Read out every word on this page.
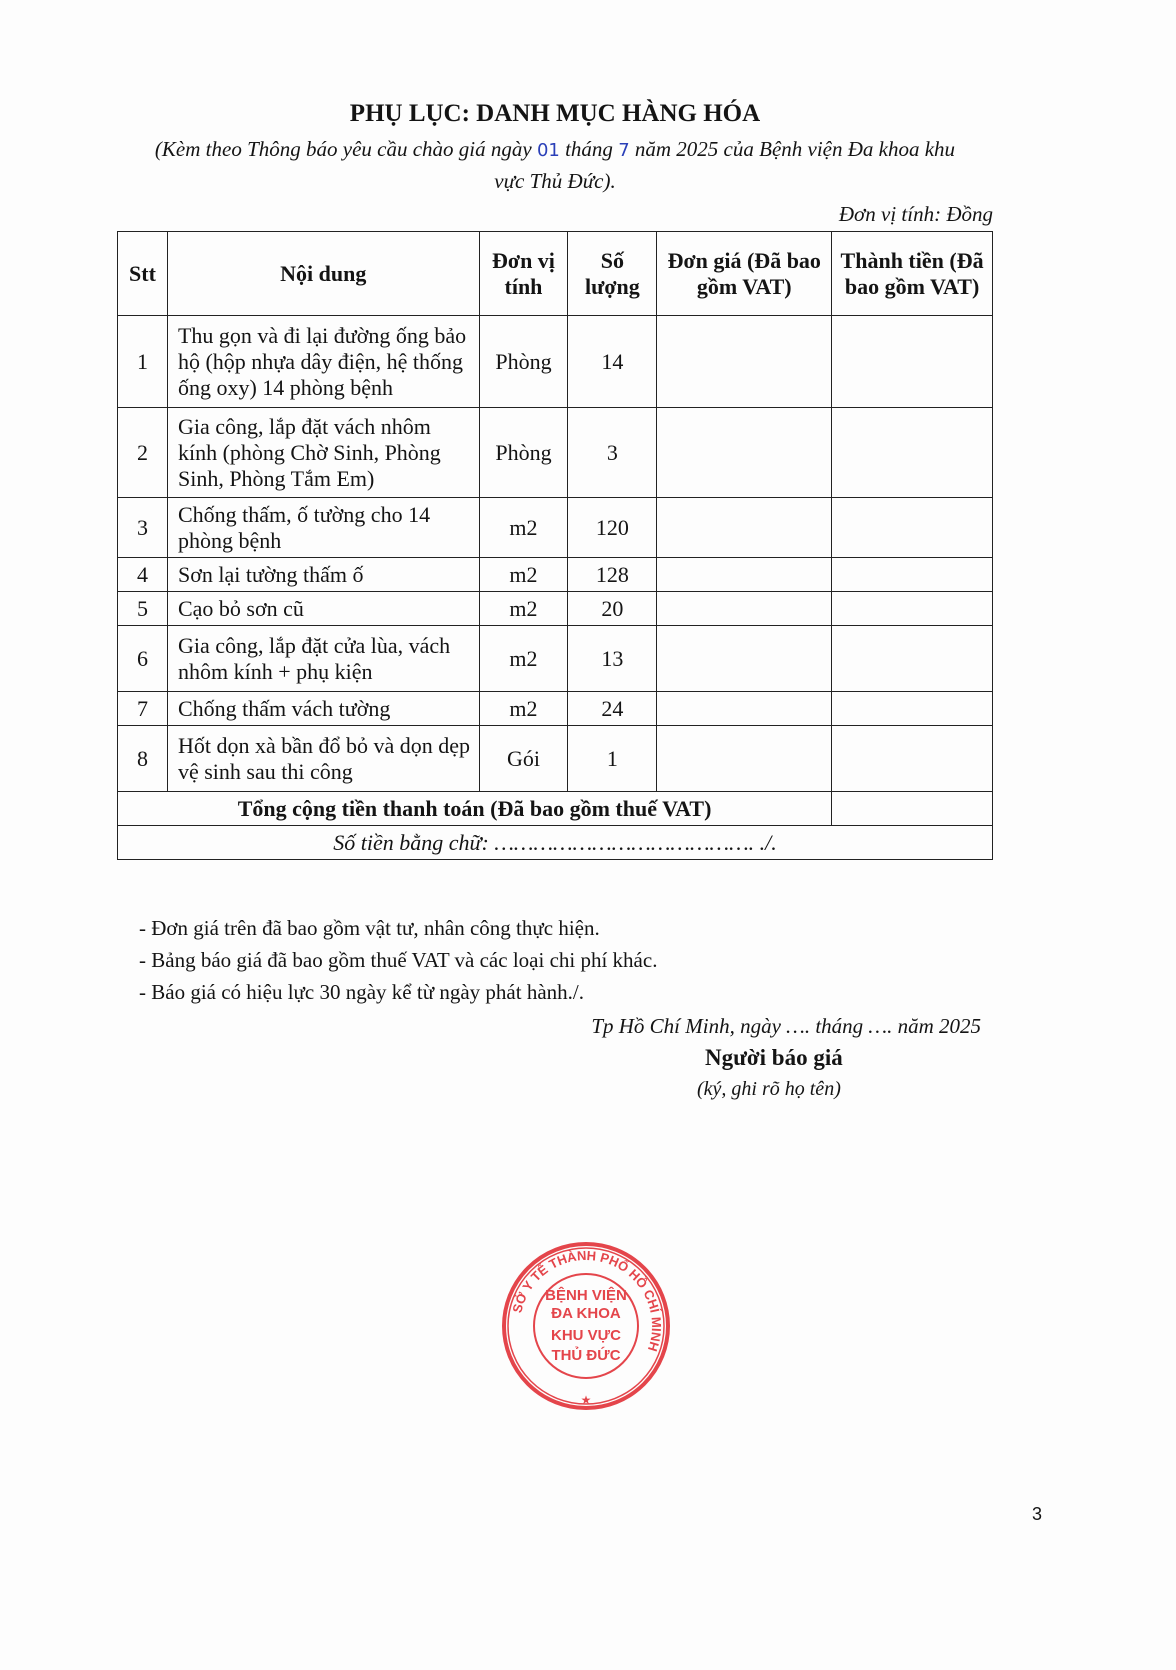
PHỤ LỤC: DANH MỤC HÀNG HÓA
(Kèm theo Thông báo yêu cầu chào giá ngày 01 tháng 7 năm 2025 của Bệnh viện Đa khoa khu vực Thủ Đức).
Đơn vị tính: Đồng
Stt	Nội dung	Đơn vị tính	Số lượng	Đơn giá (Đã bao gồm VAT)	Thành tiền (Đã bao gồm VAT)
1	Thu gọn và đi lại đường ống bảo hộ (hộp nhựa dây điện, hệ thống ống oxy) 14 phòng bệnh	Phòng	14		
2	Gia công, lắp đặt vách nhôm kính (phòng Chờ Sinh, Phòng Sinh, Phòng Tắm Em)	Phòng	3		
3	Chống thấm, ố tường cho 14 phòng bệnh	m2	120		
4	Sơn lại tường thấm ố	m2	128		
5	Cạo bỏ sơn cũ	m2	20		
6	Gia công, lắp đặt cửa lùa, vách nhôm kính + phụ kiện	m2	13		
7	Chống thấm vách tường	m2	24		
8	Hốt dọn xà bần đổ bỏ và dọn dẹp vệ sinh sau thi công	Gói	1		
Tổng cộng tiền thanh toán (Đã bao gồm thuế VAT)					
Số tiền bằng chữ: …………………………………. ./.					
- Đơn giá trên đã bao gồm vật tư, nhân công thực hiện.
- Bảng báo giá đã bao gồm thuế VAT và các loại chi phí khác.
- Báo giá có hiệu lực 30 ngày kể từ ngày phát hành./.
Tp Hồ Chí Minh, ngày …. tháng …. năm 2025
Người báo giá
(ký, ghi rõ họ tên)
SỞ Y TẾ THÀNH PHỐ HỒ CHÍ MINH
BỆNH VIỆN
ĐA KHOA
KHU VỰC
THỦ ĐỨC
★
3
